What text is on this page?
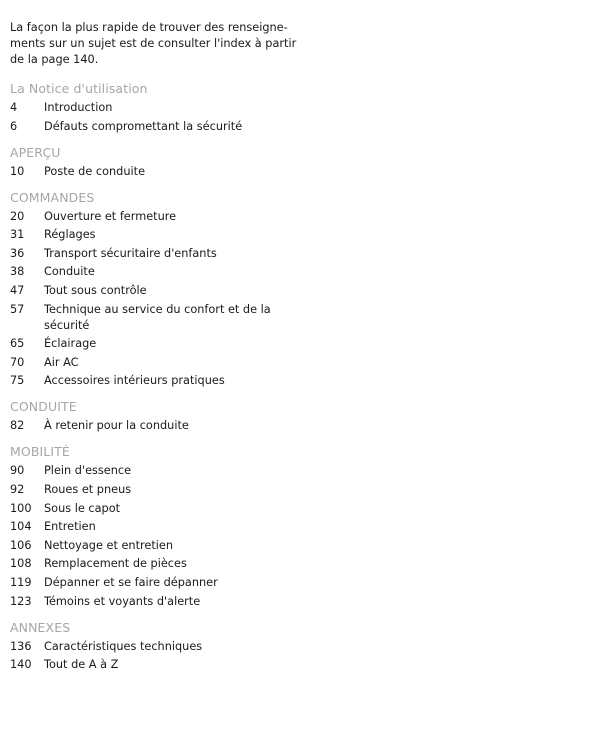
La façon la plus rapide de trouver des renseigne-ments sur un sujet est de consulter l'index à partir de la page 140.

La Notice d'utilisation
4	Introduction
6	Défauts compromettant la sécurité
APERÇU
10	Poste de conduite
COMMANDES
20	Ouverture et fermeture
31	Réglages
36	Transport sécuritaire d'enfants
38	Conduite
47	Tout sous contrôle
57	Technique au service du confort et de la sécurité
65	Éclairage
70	Air AC
75	Accessoires intérieurs pratiques
CONDUITE
82	À retenir pour la conduite
MOBILITÉ
90	Plein d'essence
92	Roues et pneus
100	Sous le capot
104	Entretien
106	Nettoyage et entretien
108	Remplacement de pièces
119	Dépanner et se faire dépanner
123	Témoins et voyants d'alerte
ANNEXES
136	Caractéristiques techniques
140	Tout de A à Z
